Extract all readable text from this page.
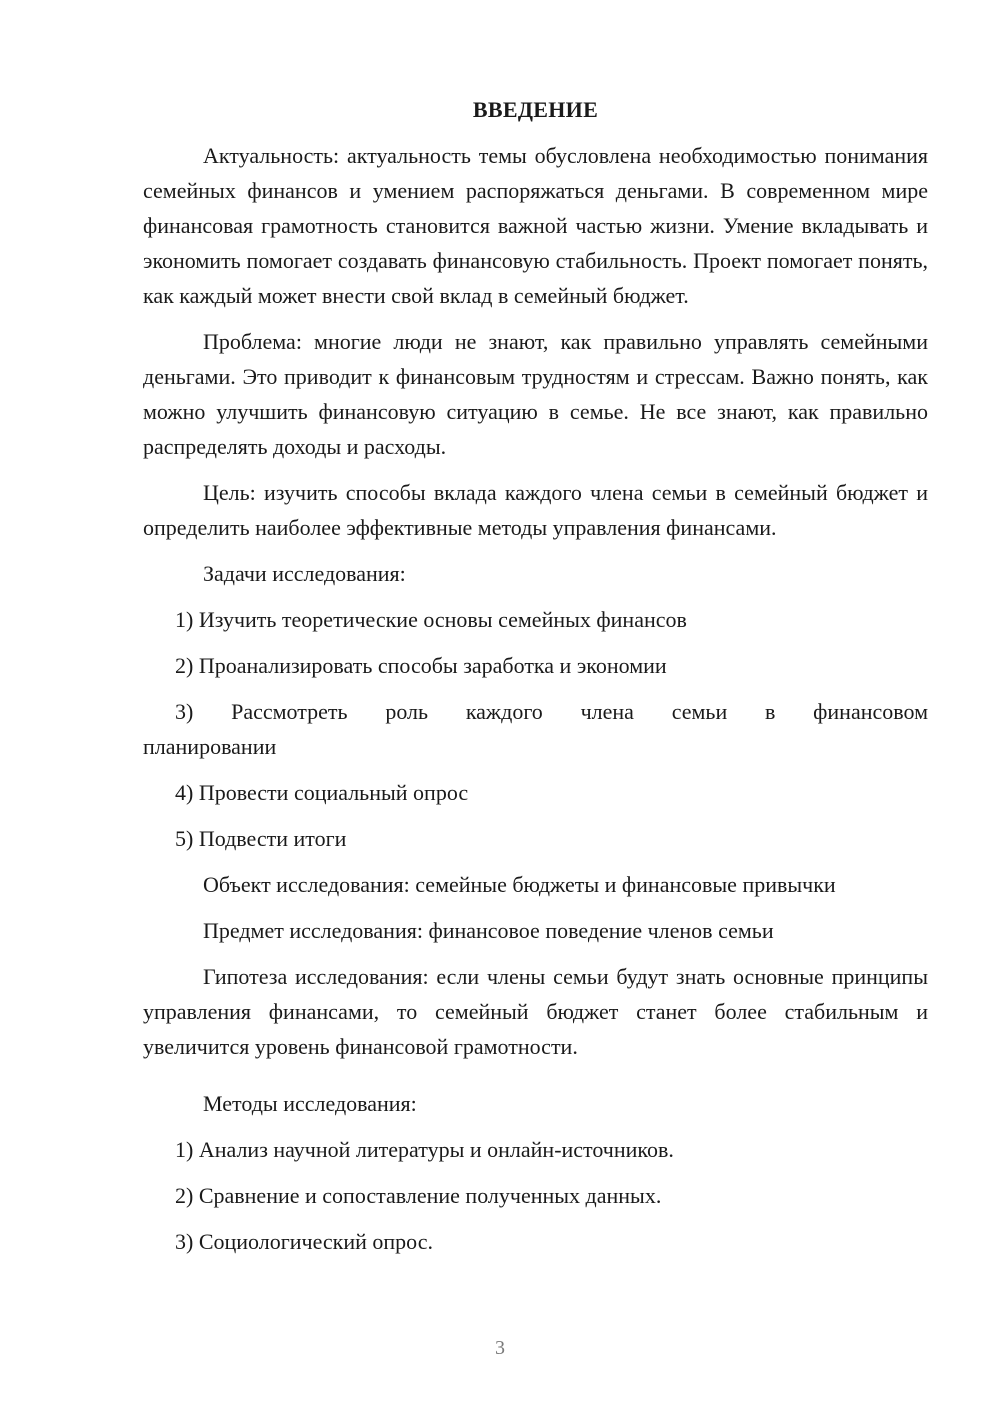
ВВЕДЕНИЕ

Актуальность: актуальность темы обусловлена необходимостью понимания семейных финансов и умением распоряжаться деньгами. В современном мире финансовая грамотность становится важной частью жизни. Умение вкладывать и экономить помогает создавать финансовую стабильность. Проект помогает понять, как каждый может внести свой вклад в семейный бюджет.

Проблема: многие люди не знают, как правильно управлять семейными деньгами. Это приводит к финансовым трудностям и стрессам. Важно понять, как можно улучшить финансовую ситуацию в семье. Не все знают, как правильно распределять доходы и расходы.

Цель: изучить способы вклада каждого члена семьи в семейный бюджет и определить наиболее эффективные методы управления финансами.

Задачи исследования:

1) Изучить теоретические основы семейных финансов

2) Проанализировать способы заработка и экономии

3) Рассмотреть роль каждого члена семьи в финансовом
планировании

4) Провести социальный опрос

5) Подвести итоги

Объект исследования: семейные бюджеты и финансовые привычки

Предмет исследования: финансовое поведение членов семьи

Гипотеза исследования: если члены семьи будут знать основные принципы управления финансами, то семейный бюджет станет более стабильным и увеличится уровень финансовой грамотности.

Методы исследования:

1) Анализ научной литературы и онлайн-источников.

2) Сравнение и сопоставление полученных данных.

3) Социологический опрос.

3
